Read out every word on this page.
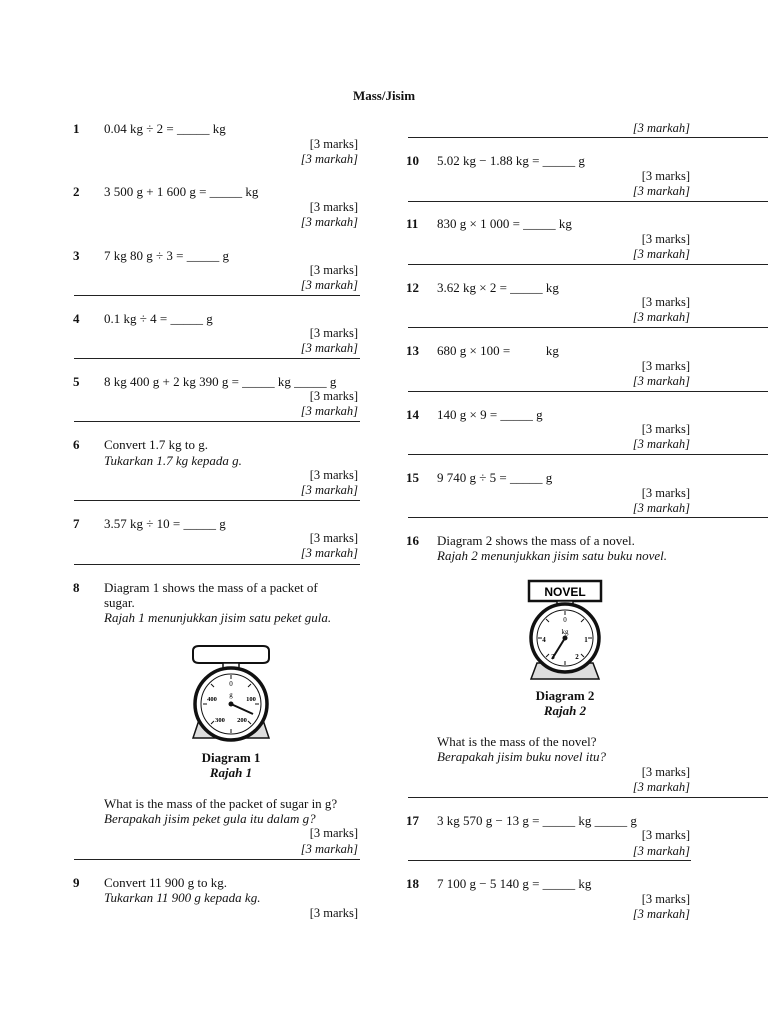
Mass/Jisim
1 0.04 kg ÷ 2 = _____ kg
[3 marks]
[3 markah]
2 3 500 g + 1 600 g = _____ kg
[3 marks]
[3 markah]
3 7 kg 80 g ÷ 3 = _____ g
[3 marks]
[3 markah]
4 0.1 kg ÷ 4 = _____ g
[3 marks]
[3 markah]
5 8 kg 400 g + 2 kg 390 g = _____ kg _____ g
[3 marks]
[3 markah]
6 Convert 1.7 kg to g.
Tukarkan 1.7 kg kepada g.
[3 marks]
[3 markah]
7 3.57 kg ÷ 10 = _____ g
[3 marks]
[3 markah]
8 Diagram 1 shows the mass of a packet of
sugar.
Rajah 1 menunjukkan jisim satu peket gula.
0
g
100
200
300
400
Diagram 1
Rajah 1
What is the mass of the packet of sugar in g?
Berapakah jisim peket gula itu dalam g?
[3 marks]
[3 markah]
9 Convert 11 900 g to kg.
Tukarkan 11 900 g kepada kg.
[3 marks]
[3 markah]
10 5.02 kg − 1.88 kg = _____ g
[3 marks]
[3 markah]
11 830 g × 1 000 = _____ kg
[3 marks]
[3 markah]
12 3.62 kg × 2 = _____ kg
[3 marks]
[3 markah]
13 680 g × 100 =           kg
[3 marks]
[3 markah]
14 140 g × 9 = _____ g
[3 marks]
[3 markah]
15 9 740 g ÷ 5 = _____ g
[3 marks]
[3 markah]
16 Diagram 2 shows the mass of a novel.
Rajah 2 menunjukkan jisim satu buku novel.
NOVEL
0
kg
1
2
4
Diagram 2
Rajah 2
What is the mass of the novel?
Berapakah jisim buku novel itu?
[3 marks]
[3 markah]
17 3 kg 570 g − 13 g = _____ kg _____ g
[3 marks]
[3 markah]
18 7 100 g − 5 140 g = _____ kg
[3 marks]
[3 markah]
